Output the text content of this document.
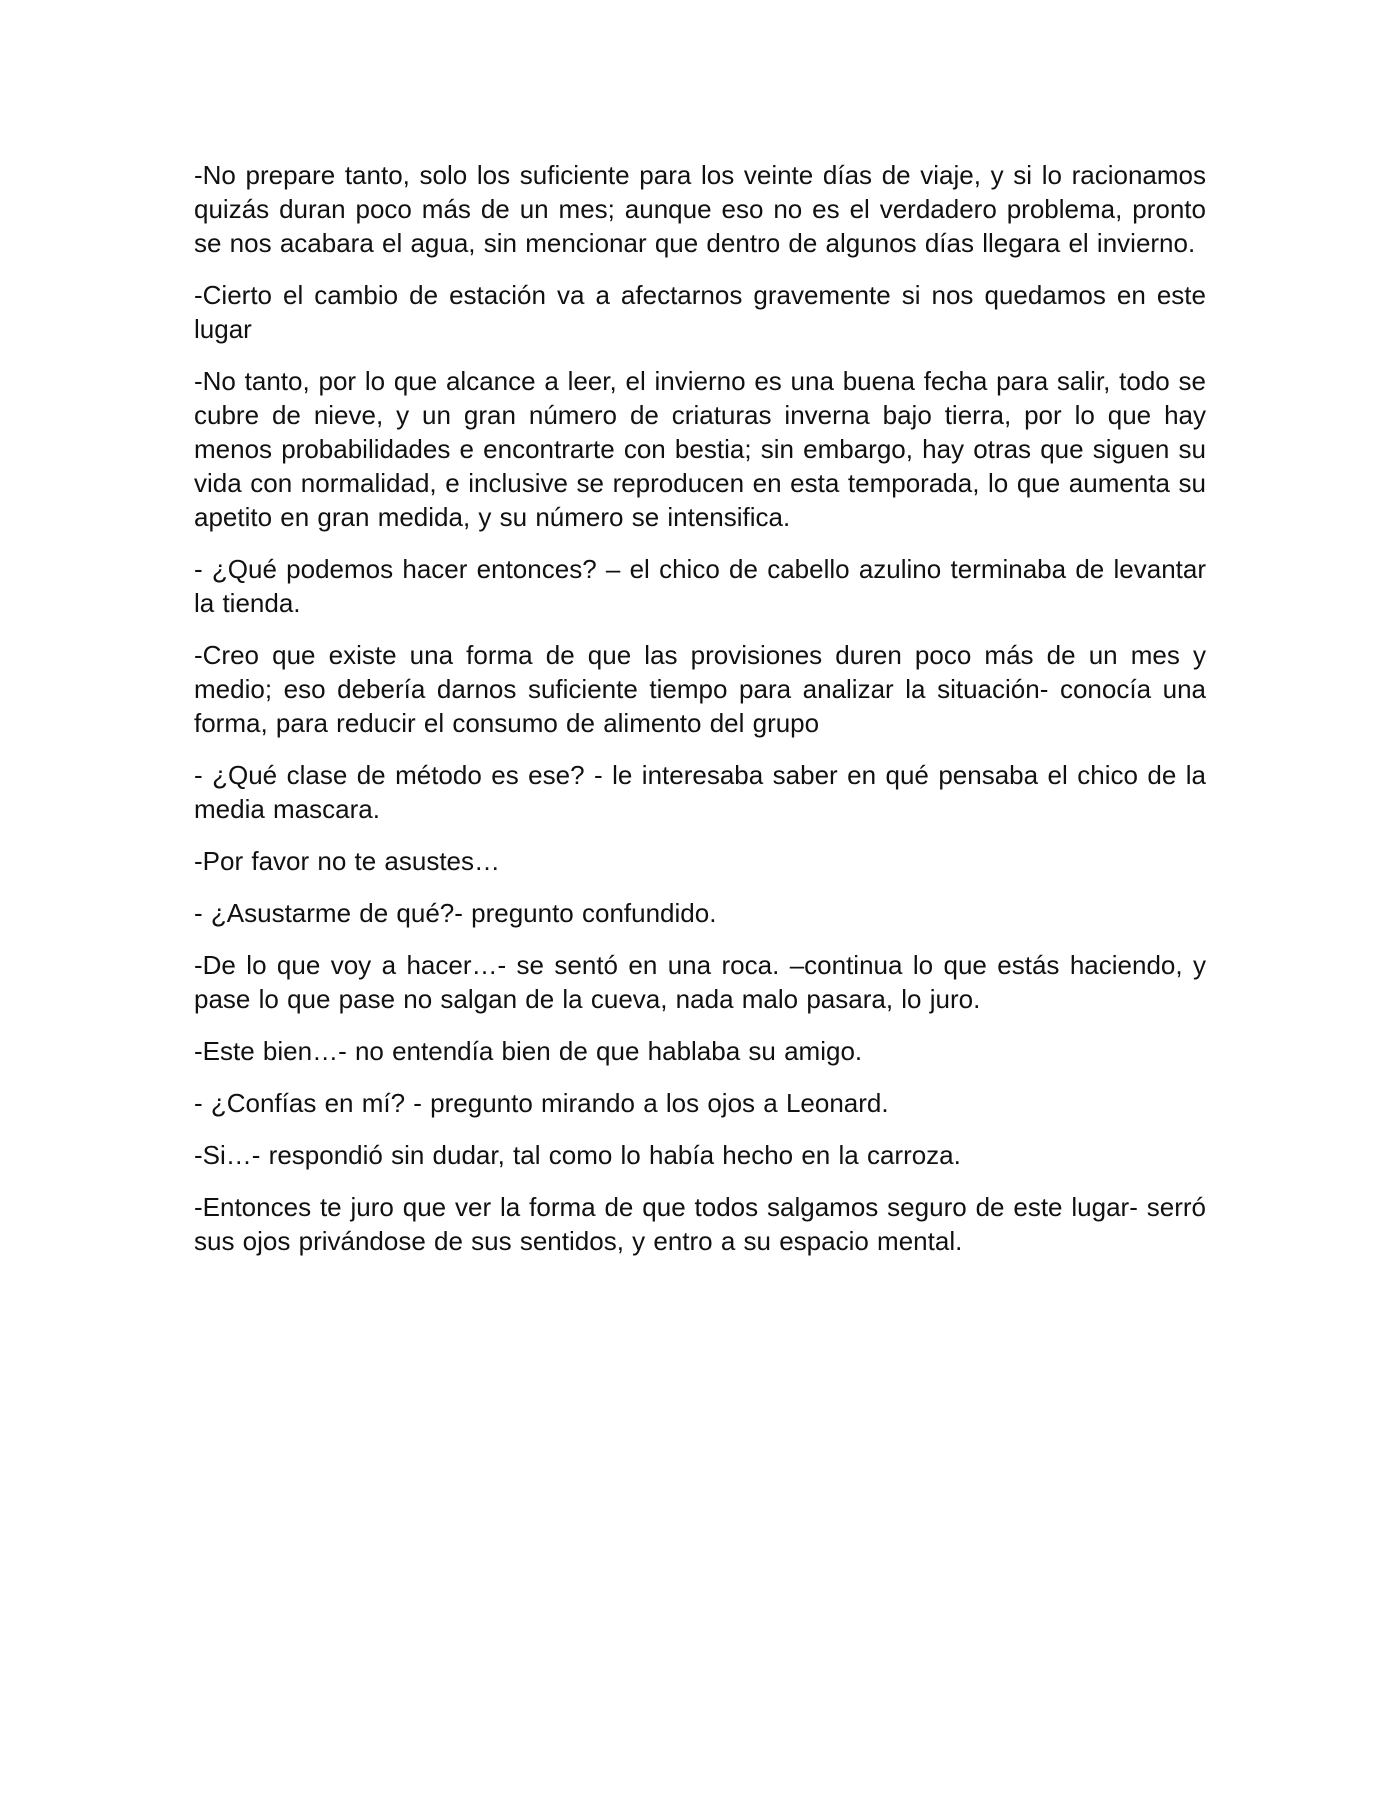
-No prepare tanto, solo los suficiente para los veinte días de viaje, y si lo racionamos quizás duran poco más de un mes; aunque eso no es el verdadero problema, pronto se nos acabara el agua, sin mencionar que dentro de algunos días llegara el invierno.

-Cierto el cambio de estación va a afectarnos gravemente si nos quedamos en este lugar

-No tanto, por lo que alcance a leer, el invierno es una buena fecha para salir, todo se cubre de nieve, y un gran número de criaturas inverna bajo tierra, por lo que hay menos probabilidades e encontrarte con bestia; sin embargo, hay otras que siguen su vida con normalidad, e inclusive se reproducen en esta temporada, lo que aumenta su apetito en gran medida, y su número se intensifica.

- ¿Qué podemos hacer entonces? – el chico de cabello azulino terminaba de levantar la tienda.

-Creo que existe una forma de que las provisiones duren poco más de un mes y medio; eso debería darnos suficiente tiempo para analizar la situación- conocía una forma, para reducir el consumo de alimento del grupo

- ¿Qué clase de método es ese? - le interesaba saber en qué pensaba el chico de la media mascara.

-Por favor no te asustes…

- ¿Asustarme de qué?- pregunto confundido.

-De lo que voy a hacer…- se sentó en una roca. –continua lo que estás haciendo, y pase lo que pase no salgan de la cueva, nada malo pasara, lo juro.

-Este bien…- no entendía bien de que hablaba su amigo.

- ¿Confías en mí? - pregunto mirando a los ojos a Leonard.

-Si…- respondió sin dudar, tal como lo había hecho en la carroza.

-Entonces te juro que ver la forma de que todos salgamos seguro de este lugar- serró sus ojos privándose de sus sentidos, y entro a su espacio mental.
